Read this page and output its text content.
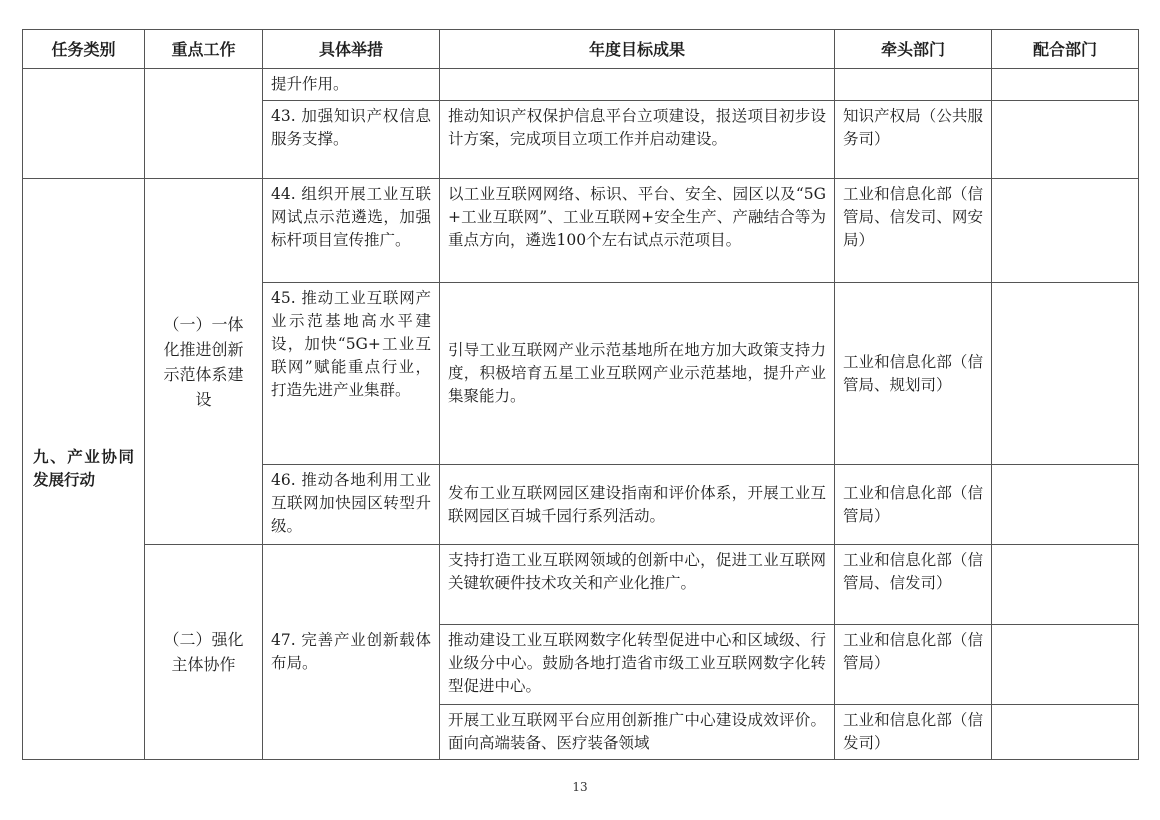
任务类别	重点工作	具体举措	年度目标成果	牵头部门	配合部门
		提升作用。			
		43. 加强知识产权信息服务支撑。	推动知识产权保护信息平台立项建设，报送项目初步设计方案，完成项目立项工作并启动建设。	知识产权局（公共服务司）	
九、产业协同发展行动	（一）一体化推进创新示范体系建设	44. 组织开展工业互联网试点示范遴选，加强标杆项目宣传推广。	以工业互联网网络、标识、平台、安全、园区以及“5G+工业互联网”、工业互联网+安全生产、产融结合等为重点方向，遴选100个左右试点示范项目。	工业和信息化部（信管局、信发司、网安局）	
		45. 推动工业互联网产业示范基地高水平建设，加快“5G+工业互联网”赋能重点行业，打造先进产业集群。	引导工业互联网产业示范基地所在地方加大政策支持力度，积极培育五星工业互联网产业示范基地，提升产业集聚能力。	工业和信息化部（信管局、规划司）	
		46. 推动各地利用工业互联网加快园区转型升级。	发布工业互联网园区建设指南和评价体系，开展工业互联网园区百城千园行系列活动。	工业和信息化部（信管局）	
	（二）强化主体协作	47. 完善产业创新载体布局。	支持打造工业互联网领域的创新中心，促进工业互联网关键软硬件技术攻关和产业化推广。	工业和信息化部（信管局、信发司）	
			推动建设工业互联网数字化转型促进中心和区域级、行业级分中心。鼓励各地打造省市级工业互联网数字化转型促进中心。	工业和信息化部（信管局）	
			开展工业互联网平台应用创新推广中心建设成效评价。面向高端装备、医疗装备领域	工业和信息化部（信发司）	
13
